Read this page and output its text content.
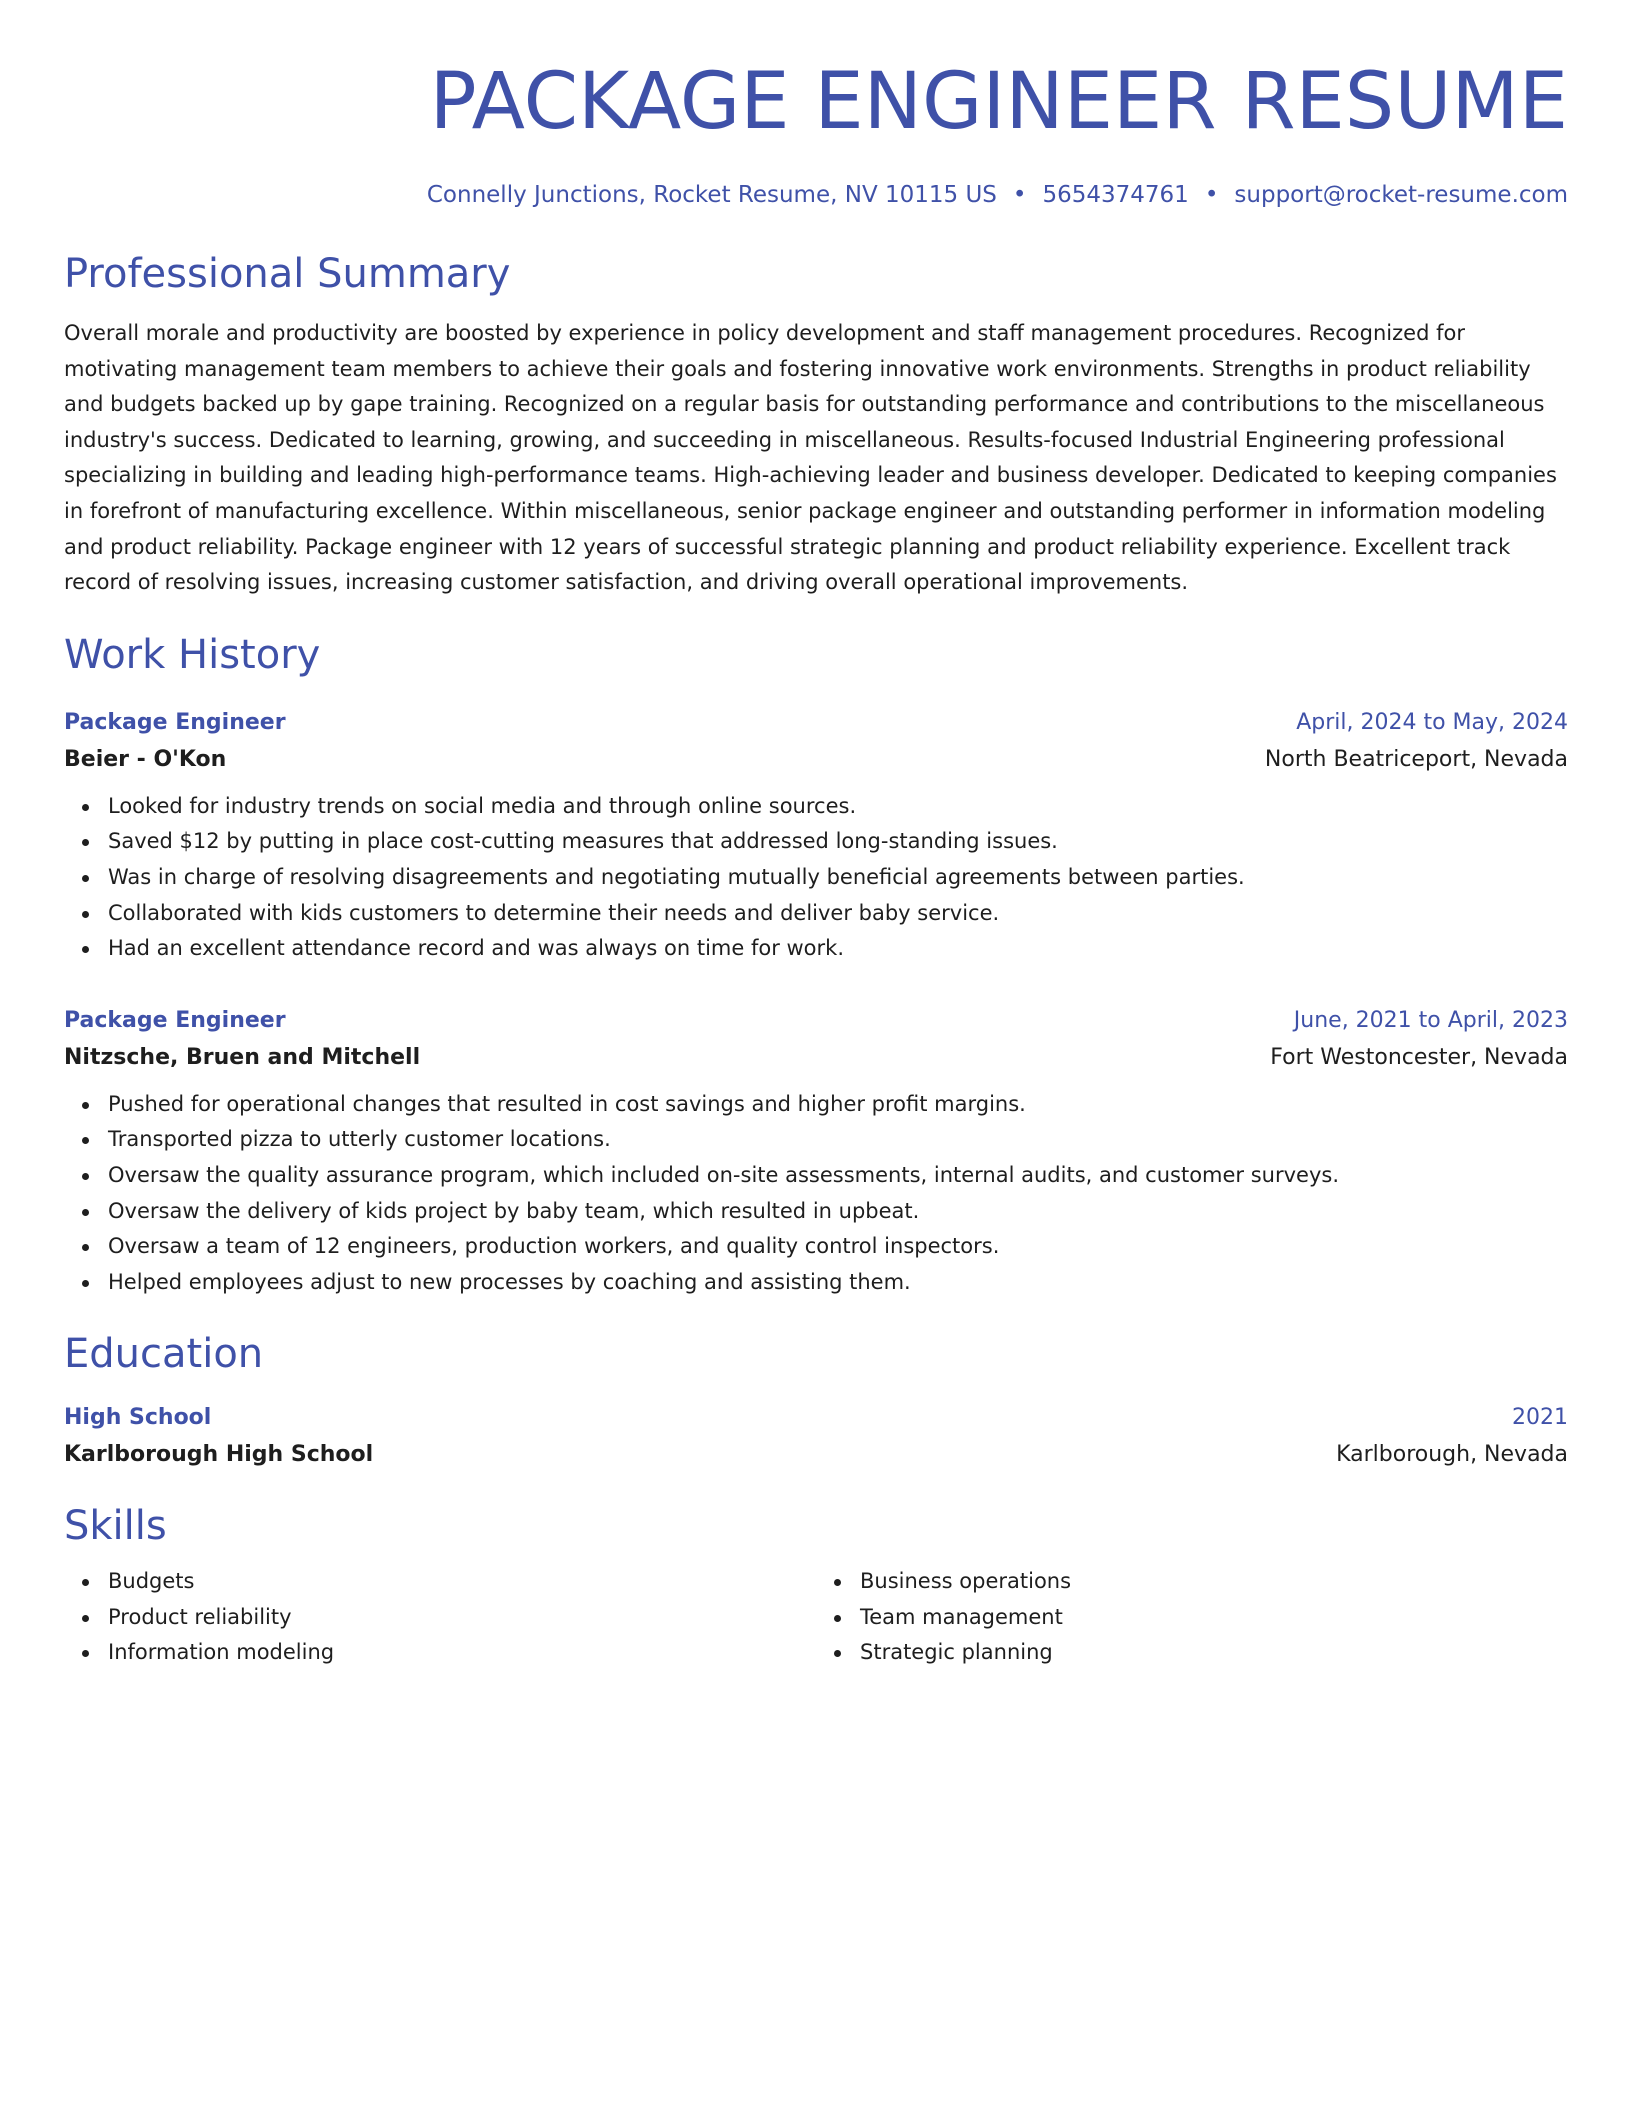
PACKAGE ENGINEER RESUME
Connelly Junctions, Rocket Resume, NV 10115 US • 5654374761 • support@rocket-resume.com
Professional Summary

Overall morale and productivity are boosted by experience in policy development and staff management procedures. Recognized for motivating management team members to achieve their goals and fostering innovative work environments. Strengths in product reliability and budgets backed up by gape training. Recognized on a regular basis for outstanding performance and contributions to the miscellaneous industry's success. Dedicated to learning, growing, and succeeding in miscellaneous. Results-focused Industrial Engineering professional specializing in building and leading high-performance teams. High-achieving leader and business developer. Dedicated to keeping companies in forefront of manufacturing excellence. Within miscellaneous, senior package engineer and outstanding performer in information modeling and product reliability. Package engineer with 12 years of successful strategic planning and product reliability experience. Excellent track record of resolving issues, increasing customer satisfaction, and driving overall operational improvements.

Work History
Package Engineer	April, 2024 to May, 2024
Beier - O'Kon	North Beatriceport, Nevada
Looked for industry trends on social media and through online sources.
Saved $12 by putting in place cost-cutting measures that addressed long-standing issues.
Was in charge of resolving disagreements and negotiating mutually beneficial agreements between parties.
Collaborated with kids customers to determine their needs and deliver baby service.
Had an excellent attendance record and was always on time for work.
Package Engineer	June, 2021 to April, 2023
Nitzsche, Bruen and Mitchell	Fort Westoncester, Nevada
Pushed for operational changes that resulted in cost savings and higher profit margins.
Transported pizza to utterly customer locations.
Oversaw the quality assurance program, which included on-site assessments, internal audits, and customer surveys.
Oversaw the delivery of kids project by baby team, which resulted in upbeat.
Oversaw a team of 12 engineers, production workers, and quality control inspectors.
Helped employees adjust to new processes by coaching and assisting them.
Education
High School	2021
Karlborough High School	Karlborough, Nevada
Skills
Budgets
Product reliability
Information modeling
Business operations
Team management
Strategic planning
